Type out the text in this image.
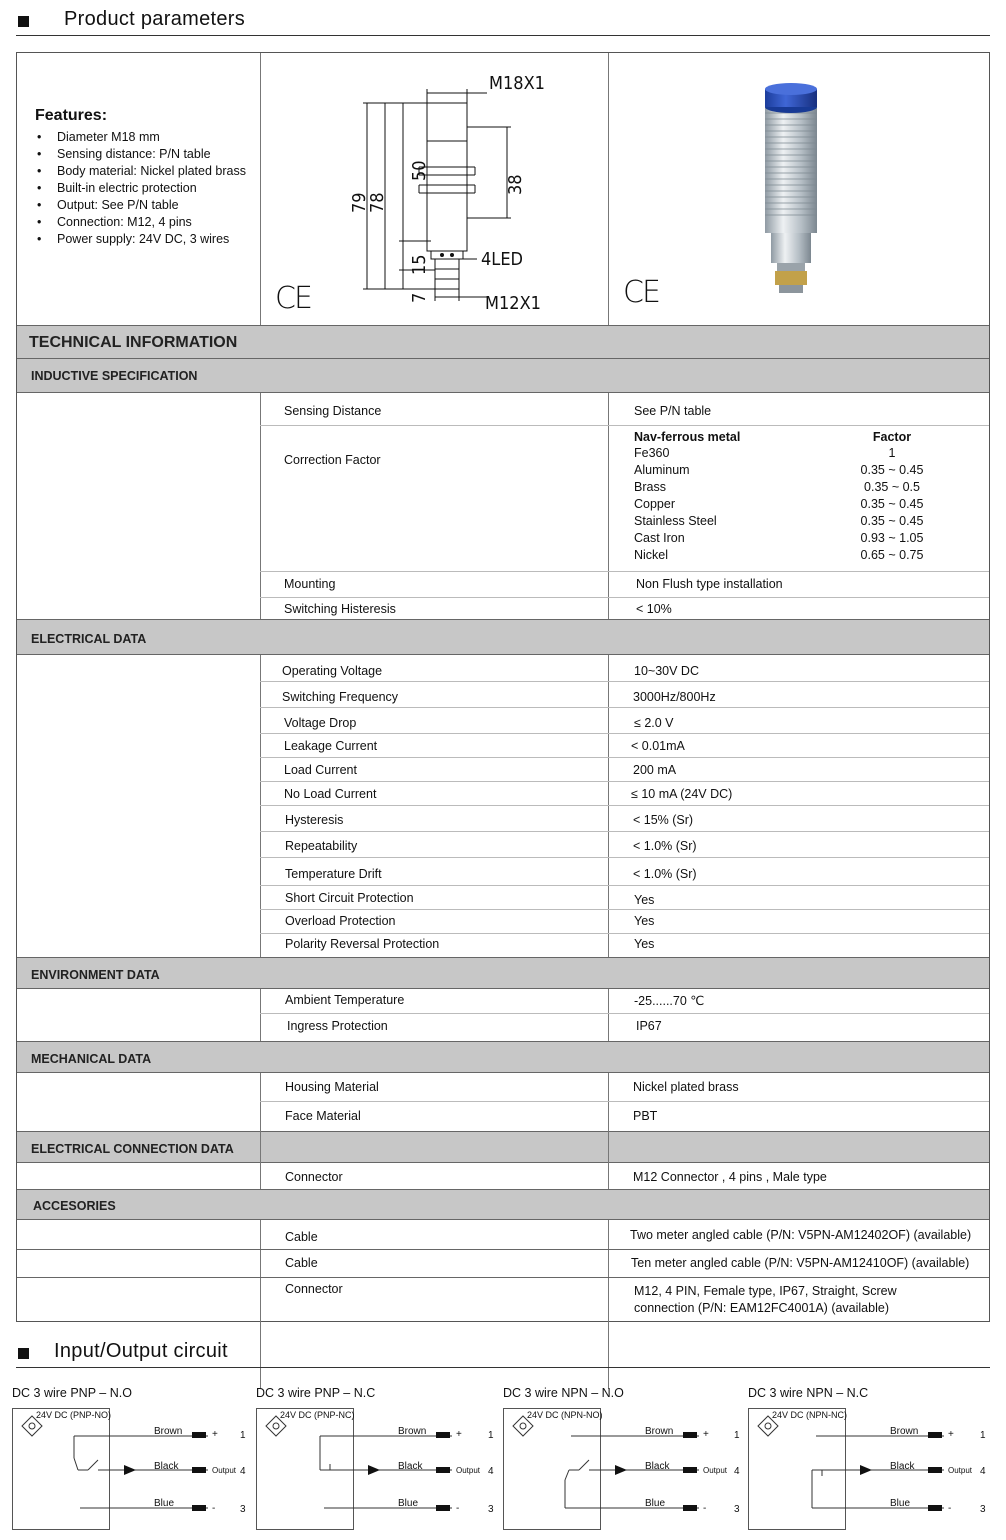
Product parameters
Features:
• Diameter M18 mm
• Sensing distance: P/N table
• Body material: Nickel plated brass
• Built-in electric protection
• Output: See P/N table
• Connection: M12, 4 pins
• Power supply: 24V DC, 3 wires
M18X1
M12X1
4LED
79
78
50
38
15
7
CE	CE
TECHNICAL INFORMATION
INDUCTIVE SPECIFICATION
Sensing Distance	See P/N table
Correction Factor
Nav-ferrous metal	Factor
Fe360	1
Aluminum	0.35 ~ 0.45
Brass	0.35 ~ 0.5
Copper	0.35 ~ 0.45
Stainless Steel	0.35 ~ 0.45
Cast Iron	0.93 ~ 1.05
Nickel	0.65 ~ 0.75
Mounting	Non Flush type installation
Switching Histeresis	< 10%
ELECTRICAL DATA
Operating Voltage	10~30V DC
Switching Frequency	3000Hz/800Hz
Voltage Drop	≤ 2.0 V
Leakage Current	< 0.01mA
Load Current	200 mA
No Load Current	≤ 10 mA (24V DC)
Hysteresis	< 15% (Sr)
Repeatability	< 1.0% (Sr)
Temperature Drift	< 1.0% (Sr)
Short Circuit Protection	Yes
Overload Protection	Yes
Polarity Reversal Protection	Yes
ENVIRONMENT DATA
Ambient Temperature	-25......70 ℃
Ingress Protection	IP67
MECHANICAL DATA
Housing Material	Nickel plated brass
Face Material	PBT
ELECTRICAL CONNECTION DATA
Connector	M12 Connector , 4 pins , Male type
ACCESORIES
Cable	Two meter angled cable (P/N: V5PN-AM12402OF) (available)
Cable	Ten meter angled cable (P/N: V5PN-AM12410OF) (available)
Connector	M12, 4 PIN, Female type, IP67, Straight, Screw
connection (P/N: EAM12FC4001A) (available)
Input/Output circuit
DC 3 wire PNP – N.O
24V DC (PNP-NO)
Brown
Black
Blue
+
Output
-
1
4
3
DC 3 wire PNP – N.C
24V DC (PNP-NC)
Brown
Black
Blue
+
Output
-
1
4
3
DC 3 wire NPN – N.O
24V DC (NPN-NO)
Brown
Black
Blue
+
Output
-
1
4
3
DC 3 wire NPN – N.C
24V DC (NPN-NC)
Brown
Black
Blue
+
Output
-
1
4
3
